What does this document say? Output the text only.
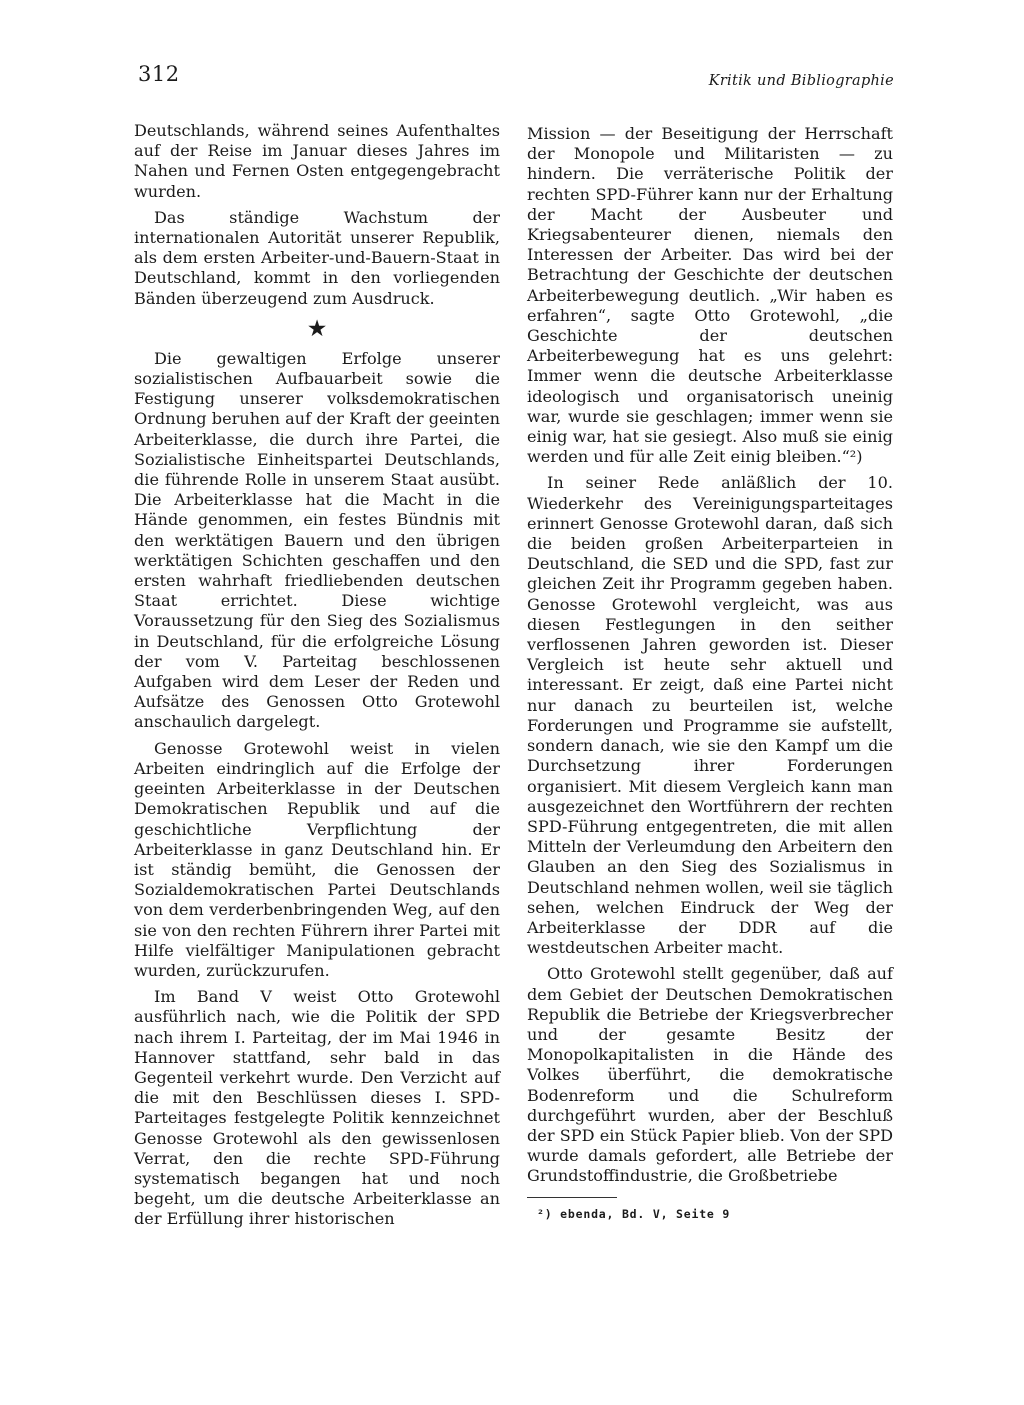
312	Kritik und Bibliographie

Deutschlands, während seines Aufenthaltes auf der Reise im Januar dieses Jahres im Nahen und Fernen Osten entgegengebracht wurden.

Das ständige Wachstum der internationalen Autorität unserer Republik, als dem ersten Arbeiter-und-Bauern-Staat in Deutschland, kommt in den vorliegenden Bänden überzeugend zum Ausdruck.

★

Die gewaltigen Erfolge unserer sozialistischen Aufbauarbeit sowie die Festigung unserer volksdemokratischen Ordnung beruhen auf der Kraft der geeinten Arbeiterklasse, die durch ihre Partei, die Sozialistische Einheitspartei Deutschlands, die führende Rolle in unserem Staat ausübt. Die Arbeiterklasse hat die Macht in die Hände genommen, ein festes Bündnis mit den werktätigen Bauern und den übrigen werktätigen Schichten geschaffen und den ersten wahrhaft friedliebenden deutschen Staat errichtet. Diese wichtige Voraussetzung für den Sieg des Sozialismus in Deutschland, für die erfolgreiche Lösung der vom V. Parteitag beschlossenen Aufgaben wird dem Leser der Reden und Aufsätze des Genossen Otto Grotewohl anschaulich dargelegt.

Genosse Grotewohl weist in vielen Arbeiten eindringlich auf die Erfolge der geeinten Arbeiterklasse in der Deutschen Demokratischen Republik und auf die geschichtliche Verpflichtung der Arbeiterklasse in ganz Deutschland hin. Er ist ständig bemüht, die Genossen der Sozialdemokratischen Partei Deutschlands von dem verderbenbringenden Weg, auf den sie von den rechten Führern ihrer Partei mit Hilfe vielfältiger Manipulationen gebracht wurden, zurückzurufen.

Im Band V weist Otto Grotewohl ausführlich nach, wie die Politik der SPD nach ihrem I. Parteitag, der im Mai 1946 in Hannover stattfand, sehr bald in das Gegenteil verkehrt wurde. Den Verzicht auf die mit den Beschlüssen dieses I. SPD-Parteitages festgelegte Politik kennzeichnet Genosse Grotewohl als den gewissenlosen Verrat, den die rechte SPD-Führung systematisch begangen hat und noch begeht, um die deutsche Arbeiterklasse an der Erfüllung ihrer historischen

Mission — der Beseitigung der Herrschaft der Monopole und Militaristen — zu hindern. Die verräterische Politik der rechten SPD-Führer kann nur der Erhaltung der Macht der Ausbeuter und Kriegsabenteurer dienen, niemals den Interessen der Arbeiter. Das wird bei der Betrachtung der Geschichte der deutschen Arbeiterbewegung deutlich. „Wir haben es erfahren“, sagte Otto Grotewohl, „die Geschichte der deutschen Arbeiterbewegung hat es uns gelehrt: Immer wenn die deutsche Arbeiterklasse ideologisch und organisatorisch uneinig war, wurde sie geschlagen; immer wenn sie einig war, hat sie gesiegt. Also muß sie einig werden und für alle Zeit einig bleiben.“²)

In seiner Rede anläßlich der 10. Wiederkehr des Vereinigungsparteitages erinnert Genosse Grotewohl daran, daß sich die beiden großen Arbeiterparteien in Deutschland, die SED und die SPD, fast zur gleichen Zeit ihr Programm gegeben haben. Genosse Grotewohl vergleicht, was aus diesen Festlegungen in den seither verflossenen Jahren geworden ist. Dieser Vergleich ist heute sehr aktuell und interessant. Er zeigt, daß eine Partei nicht nur danach zu beurteilen ist, welche Forderungen und Programme sie aufstellt, sondern danach, wie sie den Kampf um die Durchsetzung ihrer Forderungen organisiert. Mit diesem Vergleich kann man ausgezeichnet den Wortführern der rechten SPD-Führung entgegentreten, die mit allen Mitteln der Verleumdung den Arbeitern den Glauben an den Sieg des Sozialismus in Deutschland nehmen wollen, weil sie täglich sehen, welchen Eindruck der Weg der Arbeiterklasse der DDR auf die westdeutschen Arbeiter macht.

Otto Grotewohl stellt gegenüber, daß auf dem Gebiet der Deutschen Demokratischen Republik die Betriebe der Kriegsverbrecher und der gesamte Besitz der Monopolkapitalisten in die Hände des Volkes überführt, die demokratische Bodenreform und die Schulreform durchgeführt wurden, aber der Beschluß der SPD ein Stück Papier blieb. Von der SPD wurde damals gefordert, alle Betriebe der Grundstoffindustrie, die Großbetriebe

²) ebenda, Bd. V, Seite 9
